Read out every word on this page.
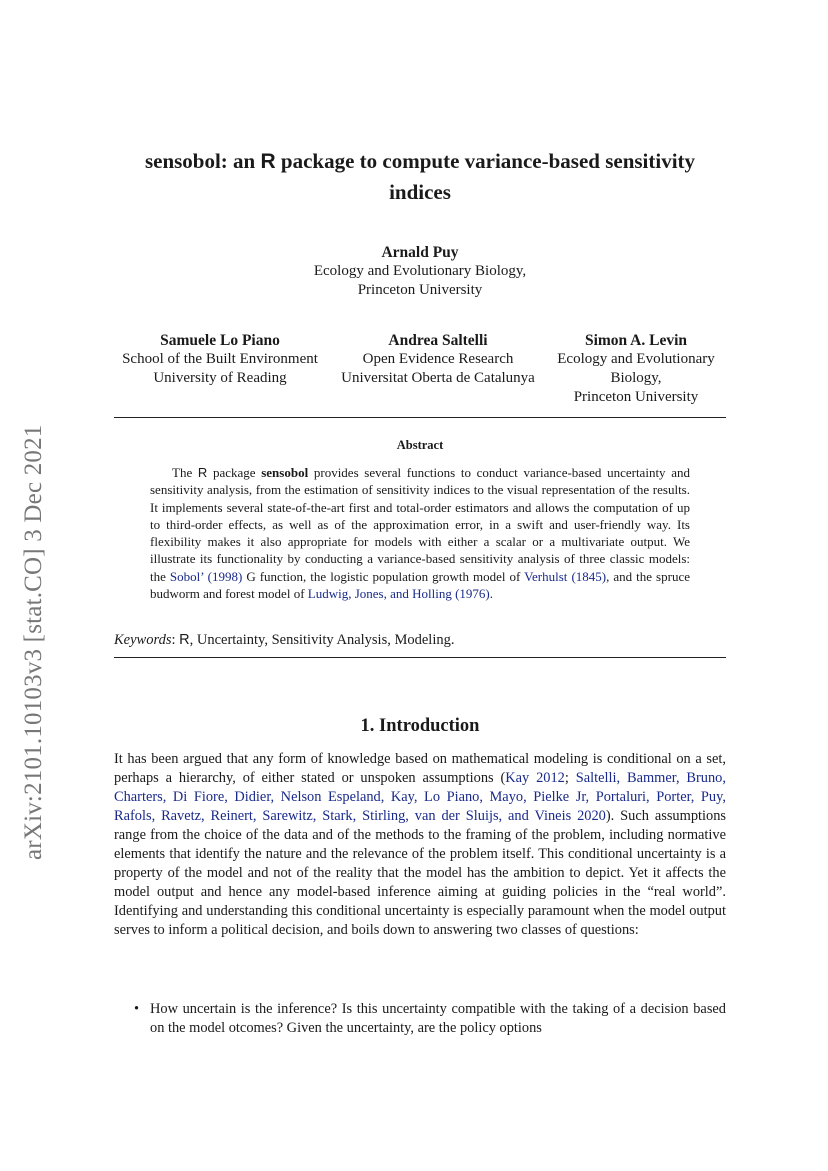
arXiv:2101.10103v3 [stat.CO] 3 Dec 2021
sensobol: an R package to compute variance-based sensitivity indices
Arnald Puy
Ecology and Evolutionary Biology,
Princeton University
Samuele Lo Piano
School of the Built Environment
University of Reading
Andrea Saltelli
Open Evidence Research
Universitat Oberta de Catalunya
Simon A. Levin
Ecology and Evolutionary Biology,
Princeton University
Abstract

The R package sensobol provides several functions to conduct variance-based uncertainty and sensitivity analysis, from the estimation of sensitivity indices to the visual representation of the results. It implements several state-of-the-art first and total-order estimators and allows the computation of up to third-order effects, as well as of the approximation error, in a swift and user-friendly way. Its flexibility makes it also appropriate for models with either a scalar or a multivariate output. We illustrate its functionality by conducting a variance-based sensitivity analysis of three classic models: the Sobol’ (1998) G function, the logistic population growth model of Verhulst (1845), and the spruce budworm and forest model of Ludwig, Jones, and Holling (1976).

Keywords: R, Uncertainty, Sensitivity Analysis, Modeling.
1. Introduction

It has been argued that any form of knowledge based on mathematical modeling is conditional on a set, perhaps a hierarchy, of either stated or unspoken assumptions (Kay 2012; Saltelli, Bammer, Bruno, Charters, Di Fiore, Didier, Nelson Espeland, Kay, Lo Piano, Mayo, Pielke Jr, Portaluri, Porter, Puy, Rafols, Ravetz, Reinert, Sarewitz, Stark, Stirling, van der Sluijs, and Vineis 2020). Such assumptions range from the choice of the data and of the methods to the framing of the problem, including normative elements that identify the nature and the relevance of the problem itself. This conditional uncertainty is a property of the model and not of the reality that the model has the ambition to depict. Yet it affects the model output and hence any model-based inference aiming at guiding policies in the “real world”. Identifying and understanding this conditional uncertainty is especially paramount when the model output serves to inform a political decision, and boils down to answering two classes of questions:

• How uncertain is the inference? Is this uncertainty compatible with the taking of a decision based on the model otcomes? Given the uncertainty, are the policy options
